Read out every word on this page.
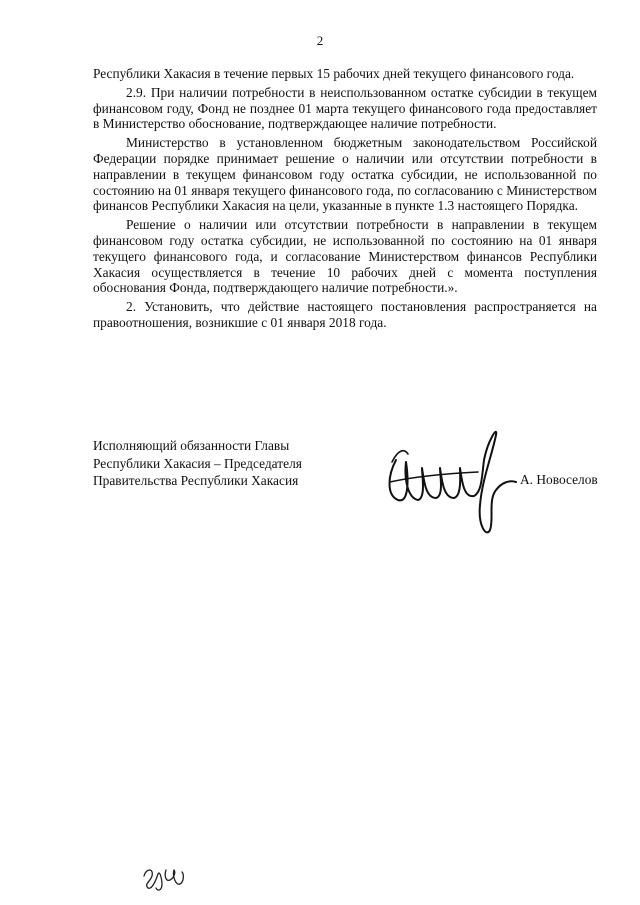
2

Республики Хакасия в течение первых 15 рабочих дней текущего финансового года.

2.9. При наличии потребности в неиспользованном остатке субсидии в текущем финансовом году, Фонд не позднее 01 марта текущего финансового года предоставляет в Министерство обоснование, подтверждающее наличие потребности.

Министерство в установленном бюджетным законодательством Российской Федерации порядке принимает решение о наличии или отсутствии потребности в направлении в текущем финансовом году остатка субсидии, не использованной по состоянию на 01 января текущего финансового года, по согласованию с Министерством финансов Республики Хакасия на цели, указанные в пункте 1.3 настоящего Порядка.

Решение о наличии или отсутствии потребности в направлении в текущем финансовом году остатка субсидии, не использованной по состоянию на 01 января текущего финансового года, и согласование Министерством финансов Республики Хакасия осуществляется в течение 10 рабочих дней с момента поступления обоснования Фонда, подтверждающего наличие потребности.».

2. Установить, что действие настоящего постановления распространяется на правоотношения, возникшие с 01 января 2018 года.

Исполняющий обязанности Главы
Республики Хакасия – Председателя
Правительства Республики Хакасия	А. Новоселов
